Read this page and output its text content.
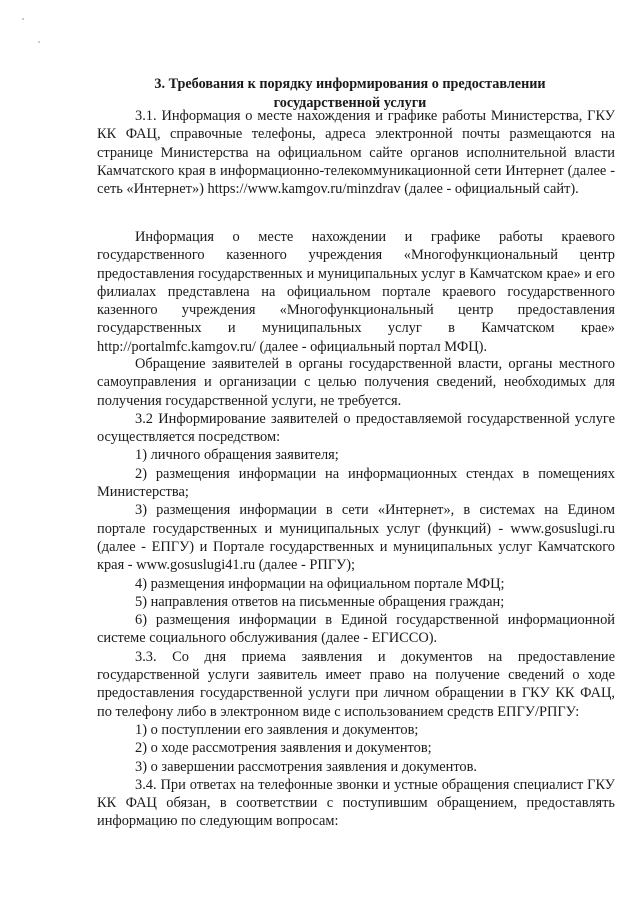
3. Требования к порядку информирования о предоставлении
государственной услуги

3.1. Информация о месте нахождения и графике работы Министерства, ГКУ КК ФАЦ, справочные телефоны, адреса электронной почты размещаются на странице Министерства на официальном сайте органов исполнительной власти Камчатского края в информационно-телекоммуникационной сети Интернет (далее - сеть «Интернет») https://www.kamgov.ru/minzdrav (далее - официальный сайт).

Информация о месте нахождении и графике работы краевого государственного казенного учреждения «Многофункциональный центр предоставления государственных и муниципальных услуг в Камчатском крае» и его филиалах представлена на официальном портале краевого государственного казенного учреждения «Многофункциональный центр предоставления государственных и муниципальных услуг в Камчатском крае» http://portalmfc.kamgov.ru/ (далее - официальный портал МФЦ).

Обращение заявителей в органы государственной власти, органы местного самоуправления и организации с целью получения сведений, необходимых для получения государственной услуги, не требуется.

3.2 Информирование заявителей о предоставляемой государственной услуге осуществляется посредством:

1) личного обращения заявителя;

2) размещения информации на информационных стендах в помещениях Министерства;

3) размещения информации в сети «Интернет», в системах на Едином портале государственных и муниципальных услуг (функций) - www.gosuslugi.ru (далее - ЕПГУ) и Портале государственных и муниципальных услуг Камчатского края - www.gosuslugi41.ru (далее - РПГУ);

4) размещения информации на официальном портале МФЦ;

5) направления ответов на письменные обращения граждан;

6) размещения информации в Единой государственной информационной системе социального обслуживания (далее - ЕГИССО).

3.3. Со дня приема заявления и документов на предоставление государственной услуги заявитель имеет право на получение сведений о ходе предоставления государственной услуги при личном обращении в ГКУ КК ФАЦ, по телефону либо в электронном виде с использованием средств ЕПГУ/РПГУ:

1) о поступлении его заявления и документов;

2) о ходе рассмотрения заявления и документов;

3) о завершении рассмотрения заявления и документов.

3.4. При ответах на телефонные звонки и устные обращения специалист ГКУ КК ФАЦ обязан, в соответствии с поступившим обращением, предоставлять информацию по следующим вопросам:
